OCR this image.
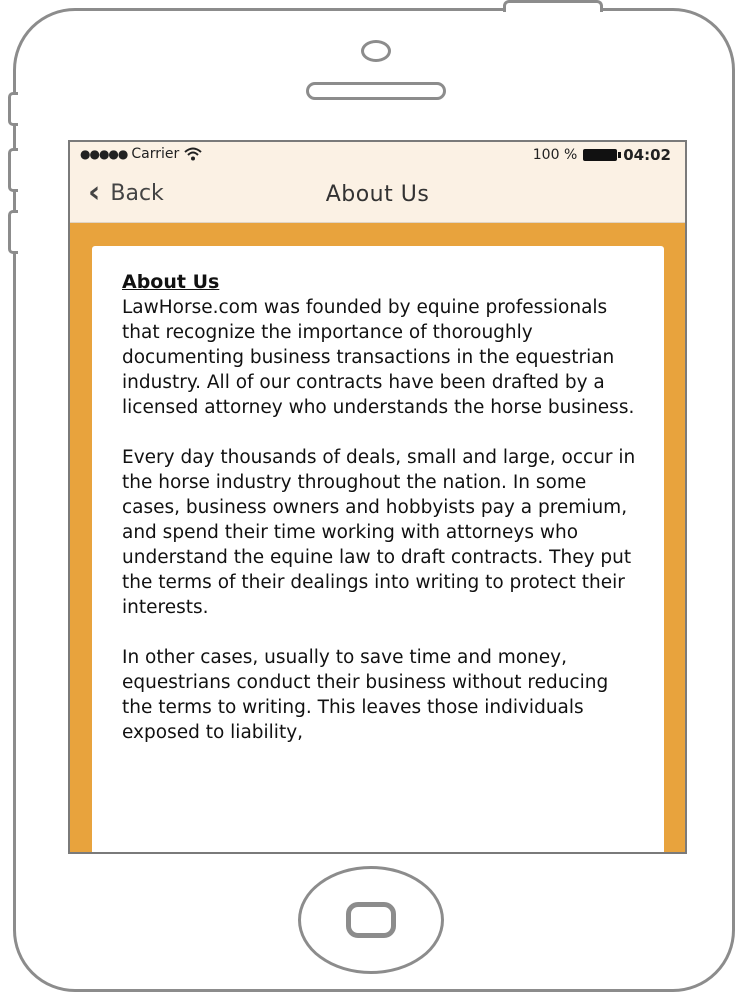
●●●●● Carrier	100 %	04:02
‹ Back	About Us
About Us

LawHorse.com was founded by equine professionals that recognize the importance of thoroughly documenting business transactions in the equestrian industry. All of our contracts have been drafted by a licensed attorney who understands the horse business.

Every day thousands of deals, small and large, occur in the horse industry throughout the nation. In some cases, business owners and hobbyists pay a premium, and spend their time working with attorneys who understand the equine law to draft contracts. They put the terms of their dealings into writing to protect their interests.

In other cases, usually to save time and money, equestrians conduct their business without reducing the terms to writing. This leaves those individuals exposed to liability,
